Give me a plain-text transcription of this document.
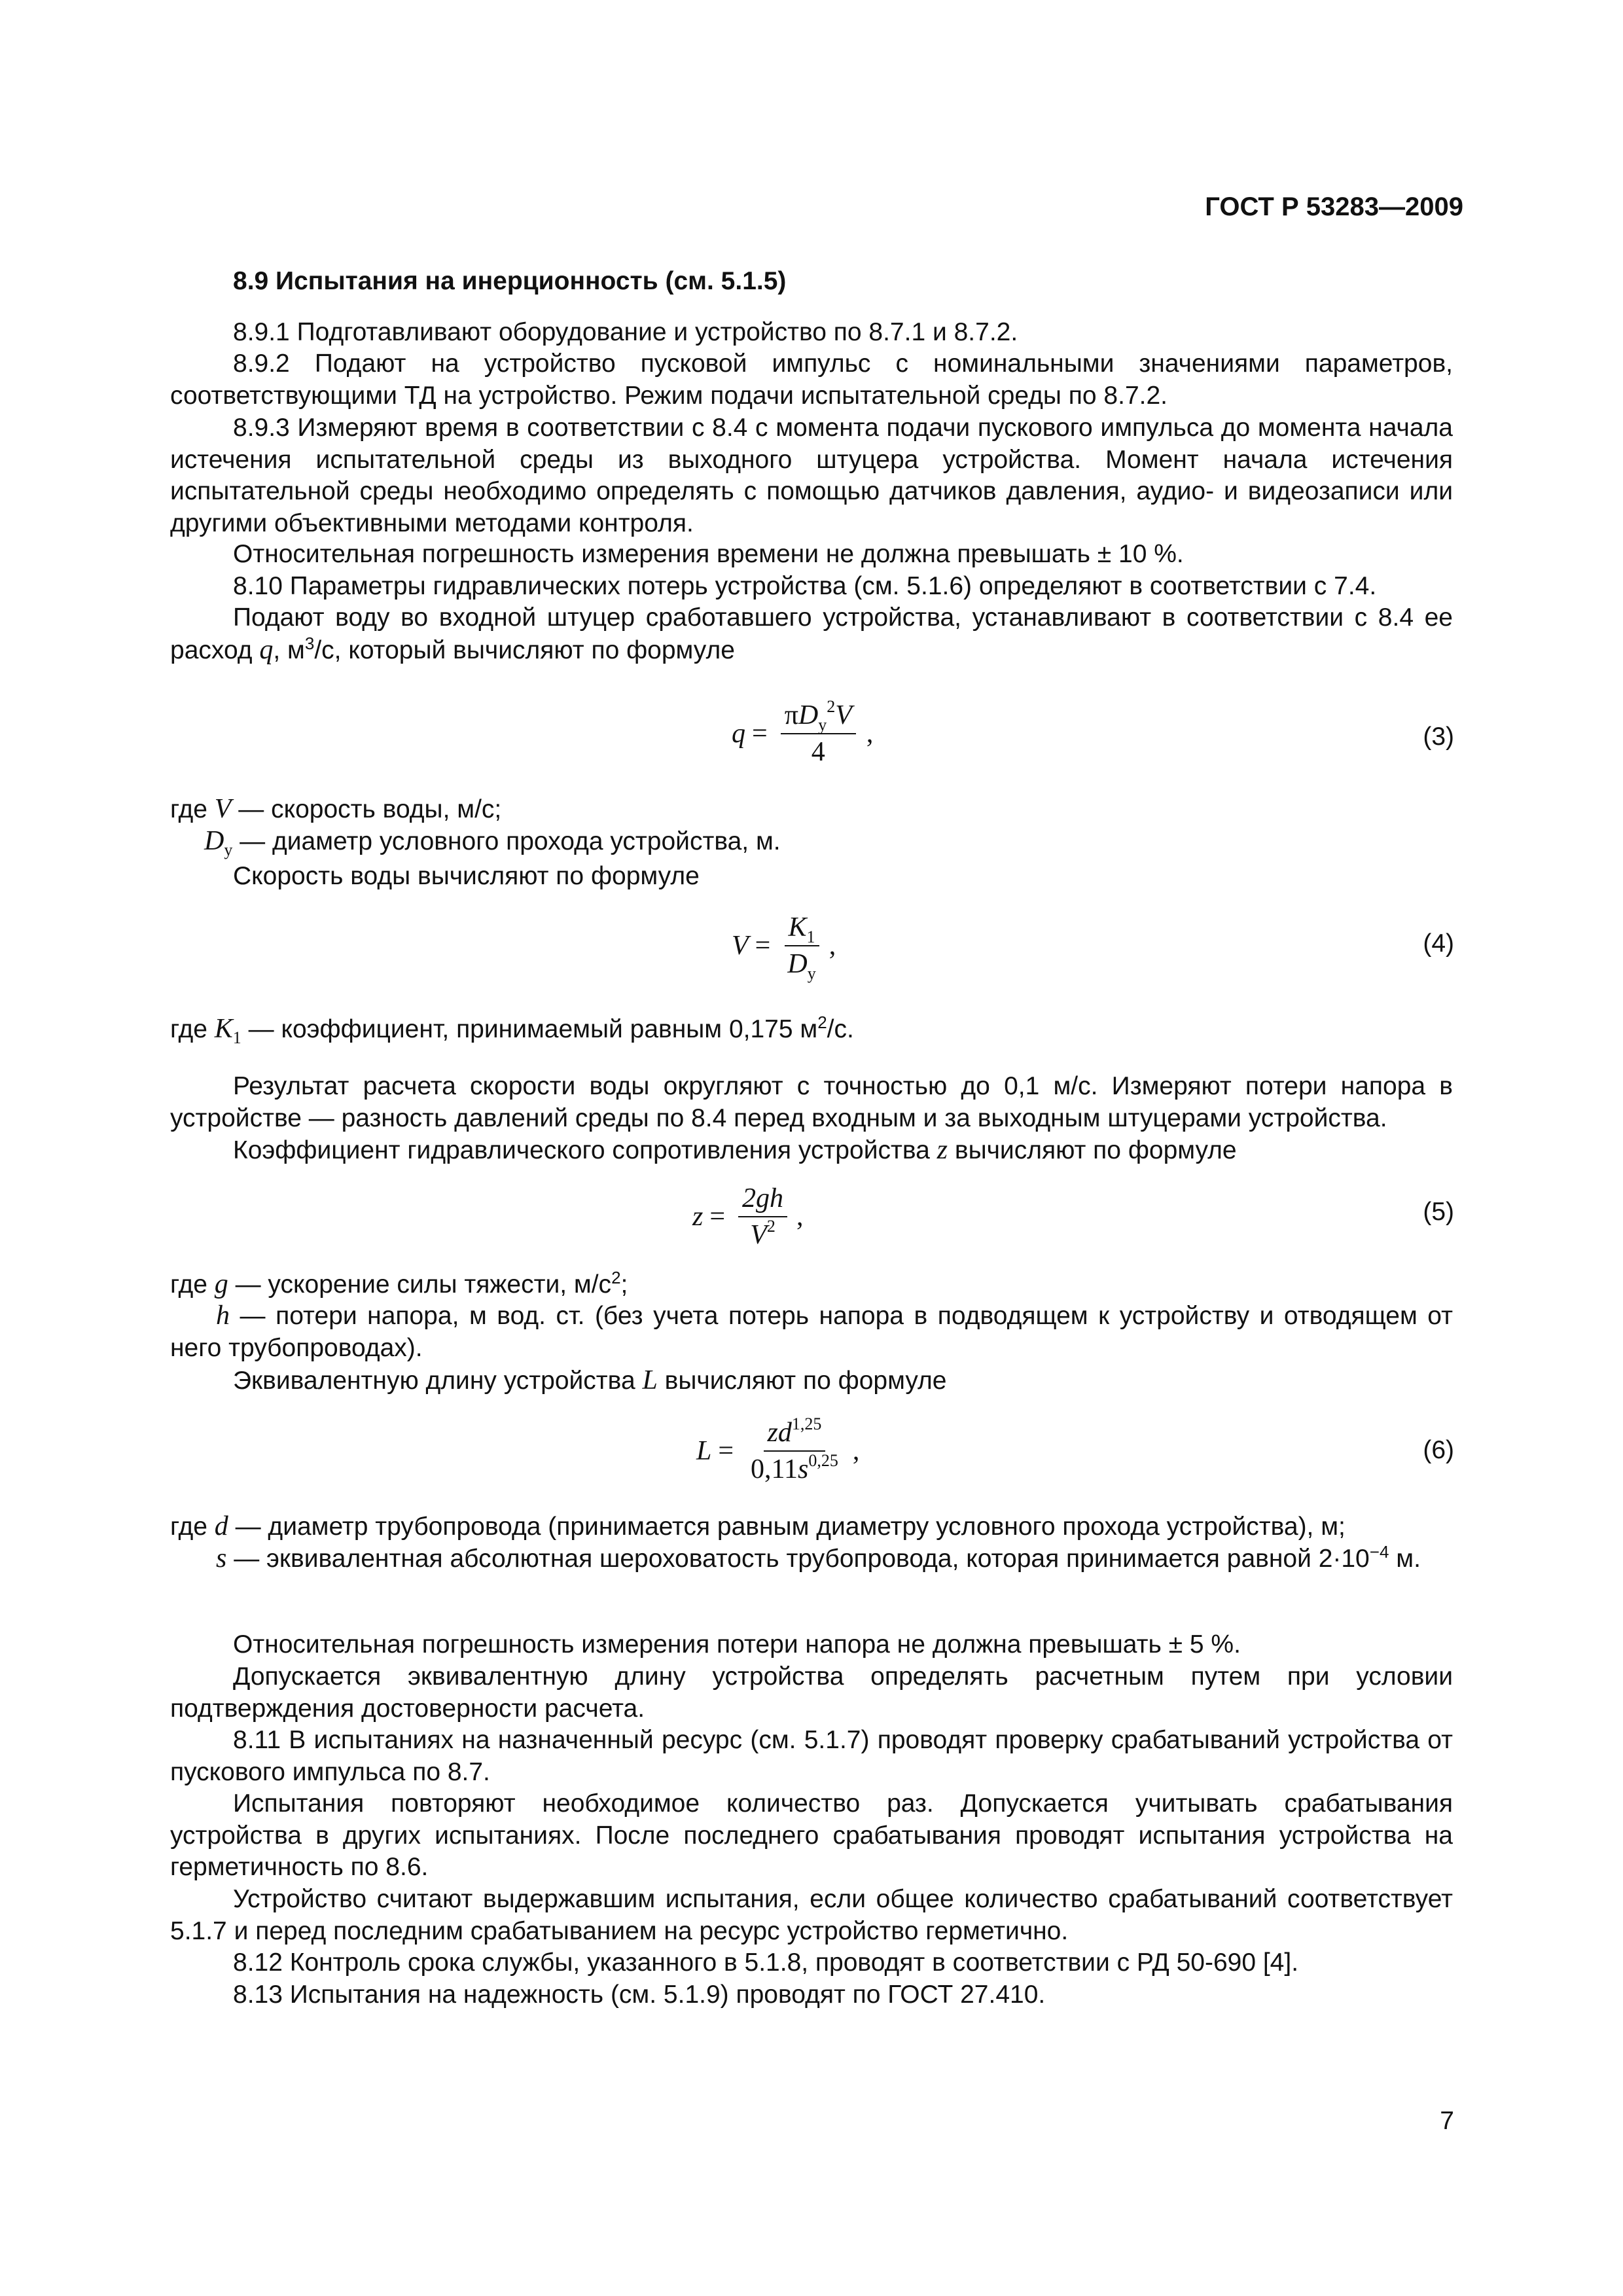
ГОСТ Р 53283—2009
8.9 Испытания на инерционность (см. 5.1.5)
8.9.1 Подготавливают оборудование и устройство по 8.7.1 и 8.7.2.
8.9.2 Подают на устройство пусковой импульс с номинальными значениями параметров, соответствующими ТД на устройство. Режим подачи испытательной среды по 8.7.2.
8.9.3 Измеряют время в соответствии с 8.4 с момента подачи пускового импульса до момента начала истечения испытательной среды из выходного штуцера устройства. Момент начала истечения испытательной среды необходимо определять с помощью датчиков давления, аудио- и видеозаписи или другими объективными методами контроля.
Относительная погрешность измерения времени не должна превышать ± 10 %.
8.10 Параметры гидравлических потерь устройства (см. 5.1.6) определяют в соответствии с 7.4.
Подают воду во входной штуцер сработавшего устройства, устанавливают в соответствии с 8.4 ее расход q, $м^3/с$, который вычисляют по формуле
$q = \frac{\pi D_у^2V}{4}$ ,	(3)
где V — скорость воды, м/с;
$D_у$ — диаметр условного прохода устройства, м.
Скорость воды вычисляют по формуле
$V = \frac{K_1}{D_у}$ ,	(4)
где $K_1$ — коэффициент, принимаемый равным 0,175 $м^2/с$.
Результат расчета скорости воды округляют с точностью до 0,1 м/с. Измеряют потери напора в устройстве — разность давлений среды по 8.4 перед входным и за выходным штуцерами устройства.
Коэффициент гидравлического сопротивления устройства z вычисляют по формуле
$z = \frac{2gh}{V^2}$ ,	(5)
где g — ускорение силы тяжести, $м/с^2$;
h — потери напора, м вод. ст. (без учета потерь напора в подводящем к устройству и отводящем от него трубопроводах).
Эквивалентную длину устройства L вычисляют по формуле
$L = \frac{zd^{1,25}}{0,11s^{0,25}}$ ,	(6)
где d — диаметр трубопровода (принимается равным диаметру условного прохода устройства), м;
s — эквивалентная абсолютная шероховатость трубопровода, которая принимается равной $2\cdot 10^{-4}$ м.
Относительная погрешность измерения потери напора не должна превышать ± 5 %.
Допускается эквивалентную длину устройства определять расчетным путем при условии подтверждения достоверности расчета.
8.11 В испытаниях на назначенный ресурс (см. 5.1.7) проводят проверку срабатываний устройства от пускового импульса по 8.7.
Испытания повторяют необходимое количество раз. Допускается учитывать срабатывания устройства в других испытаниях. После последнего срабатывания проводят испытания устройства на герметичность по 8.6.
Устройство считают выдержавшим испытания, если общее количество срабатываний соответствует 5.1.7 и перед последним срабатыванием на ресурс устройство герметично.
8.12 Контроль срока службы, указанного в 5.1.8, проводят в соответствии с РД 50-690 [4].
8.13 Испытания на надежность (см. 5.1.9) проводят по ГОСТ 27.410.
7
